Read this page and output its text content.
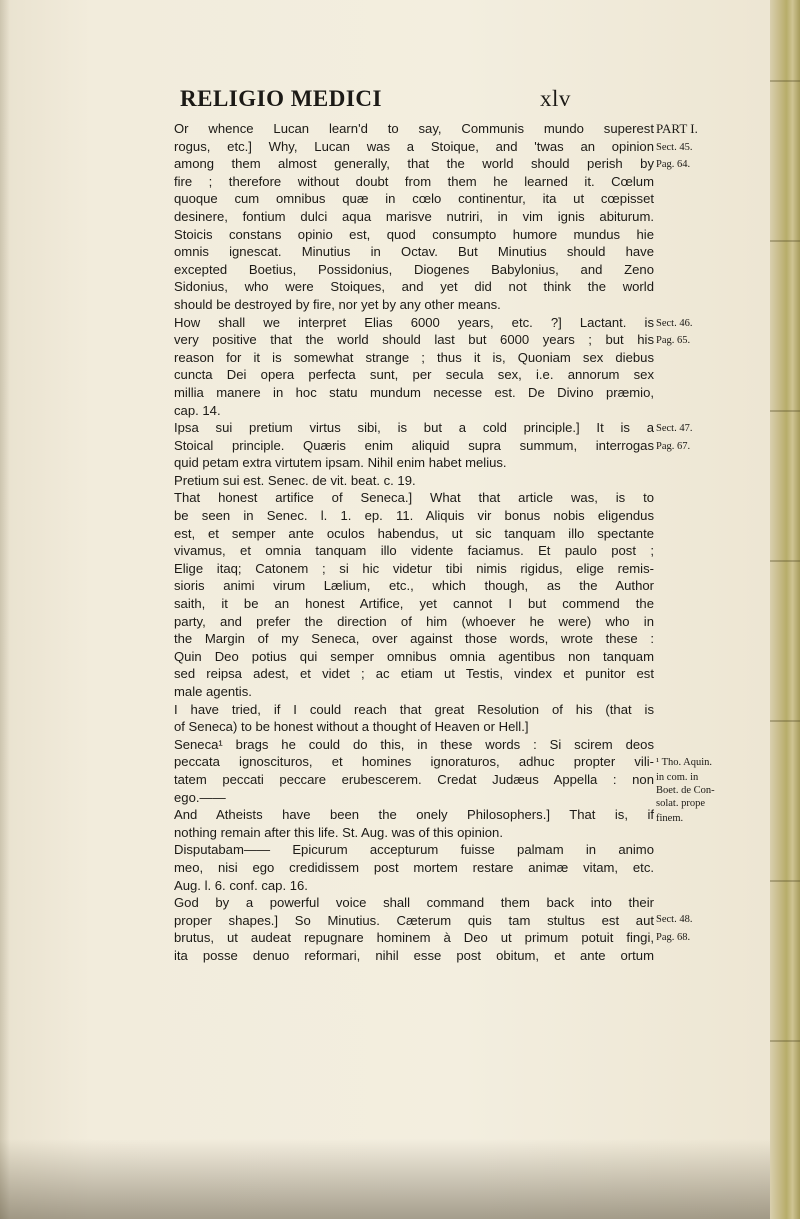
RELIGIO MEDICI	xlv
Or whence Lucan learn'd to say, Communis mundo superest
rogus, etc.] Why, Lucan was a Stoique, and 'twas an opinion
among them almost generally, that the world should perish by
fire ; therefore without doubt from them he learned it. Cœlum
quoque cum omnibus quæ in cœlo continentur, ita ut cœpisset
desinere, fontium dulci aqua marisve nutriri, in vim ignis abiturum.
Stoicis constans opinio est, quod consumpto humore mundus hie
omnis ignescat. Minutius in Octav. But Minutius should have
excepted Boetius, Possidonius, Diogenes Babylonius, and Zeno
Sidonius, who were Stoiques, and yet did not think the world
should be destroyed by fire, nor yet by any other means.
How shall we interpret Elias 6000 years, etc. ?] Lactant. is
very positive that the world should last but 6000 years ; but his
reason for it is somewhat strange ; thus it is, Quoniam sex diebus
cuncta Dei opera perfecta sunt, per secula sex, i.e. annorum sex
millia manere in hoc statu mundum necesse est. De Divino præmio,
cap. 14.
Ipsa sui pretium virtus sibi, is but a cold principle.] It is a
Stoical principle. Quæris enim aliquid supra summum, interrogas
quid petam extra virtutem ipsam. Nihil enim habet melius.
Pretium sui est. Senec. de vit. beat. c. 19.
That honest artifice of Seneca.] What that article was, is to
be seen in Senec. l. 1. ep. 11. Aliquis vir bonus nobis eligendus
est, et semper ante oculos habendus, ut sic tanquam illo spectante
vivamus, et omnia tanquam illo vidente faciamus. Et paulo post ;
Elige itaq; Catonem ; si hic videtur tibi nimis rigidus, elige remis-
sioris animi virum Lælium, etc., which though, as the Author
saith, it be an honest Artifice, yet cannot I but commend the
party, and prefer the direction of him (whoever he were) who in
the Margin of my Seneca, over against those words, wrote these :
Quin Deo potius qui semper omnibus omnia agentibus non tanquam
sed reipsa adest, et videt ; ac etiam ut Testis, vindex et punitor est
male agentis.
I have tried, if I could reach that great Resolution of his (that is
of Seneca) to be honest without a thought of Heaven or Hell.]
Seneca¹ brags he could do this, in these words : Si scirem deos
peccata ignoscituros, et homines ignoraturos, adhuc propter vili-
tatem peccati peccare erubescerem. Credat Judæus Appella : non
ego.——
And Atheists have been the onely Philosophers.] That is, if
nothing remain after this life. St. Aug. was of this opinion.
Disputabam—— Epicurum accepturum fuisse palmam in animo
meo, nisi ego credidissem post mortem restare animæ vitam, etc.
Aug. l. 6. conf. cap. 16.
God by a powerful voice shall command them back into their
proper shapes.] So Minutius. Cæterum quis tam stultus est aut
brutus, ut audeat repugnare hominem à Deo ut primum potuit fingi,
ita posse denuo reformari, nihil esse post obitum, et ante ortum
PART I.
Sect. 45.
Pag. 64.
Sect. 46.
Pag. 65.
Sect. 47.
Pag. 67.
¹ Tho. Aquin.
in com. in
Boet. de Con-
solat. prope
finem.
Sect. 48.
Pag. 68.
